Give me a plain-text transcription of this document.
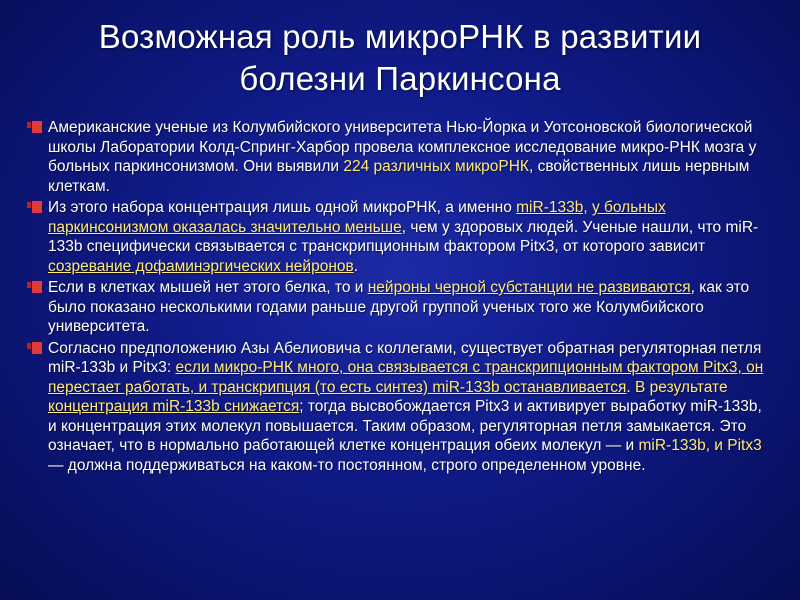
Возможная роль микроРНК в развитии
болезни Паркинсона
Американские ученые из Колумбийского университета Нью-Йорка и Уотсоновской биологической школы Лаборатории Колд-Спринг-Харбор провела комплексное исследование микро-РНК мозга у больных паркинсонизмом. Они выявили 224 различных микроРНК, свойственных лишь нервным клеткам.
Из этого набора концентрация лишь одной микроРНК, а именно miR-133b, у больных паркинсонизмом оказалась значительно меньше, чем у здоровых людей. Ученые нашли, что miR-133b специфически связывается с транскрипционным фактором Pitx3, от которого зависит созревание дофаминэргических нейронов.
Если в клетках мышей нет этого белка, то и нейроны черной субстанции не развиваются, как это было показано несколькими годами раньше другой группой ученых того же Колумбийского университета.
Согласно предположению Азы Абелиовича с коллегами, существует обратная регуляторная петля miR-133b и Pitx3: если микро-РНК много, она связывается с транскрипционным фактором Pitx3, он перестает работать, и транскрипция (то есть синтез) miR-133b останавливается. В результате концентрация miR-133b снижается; тогда высвобождается Pitx3 и активирует выработку miR-133b, и концентрация этих молекул повышается. Таким образом, регуляторная петля замыкается. Это означает, что в нормально работающей клетке концентрация обеих молекул — и miR-133b, и Pitx3 — должна поддерживаться на каком-то постоянном, строго определенном уровне.
